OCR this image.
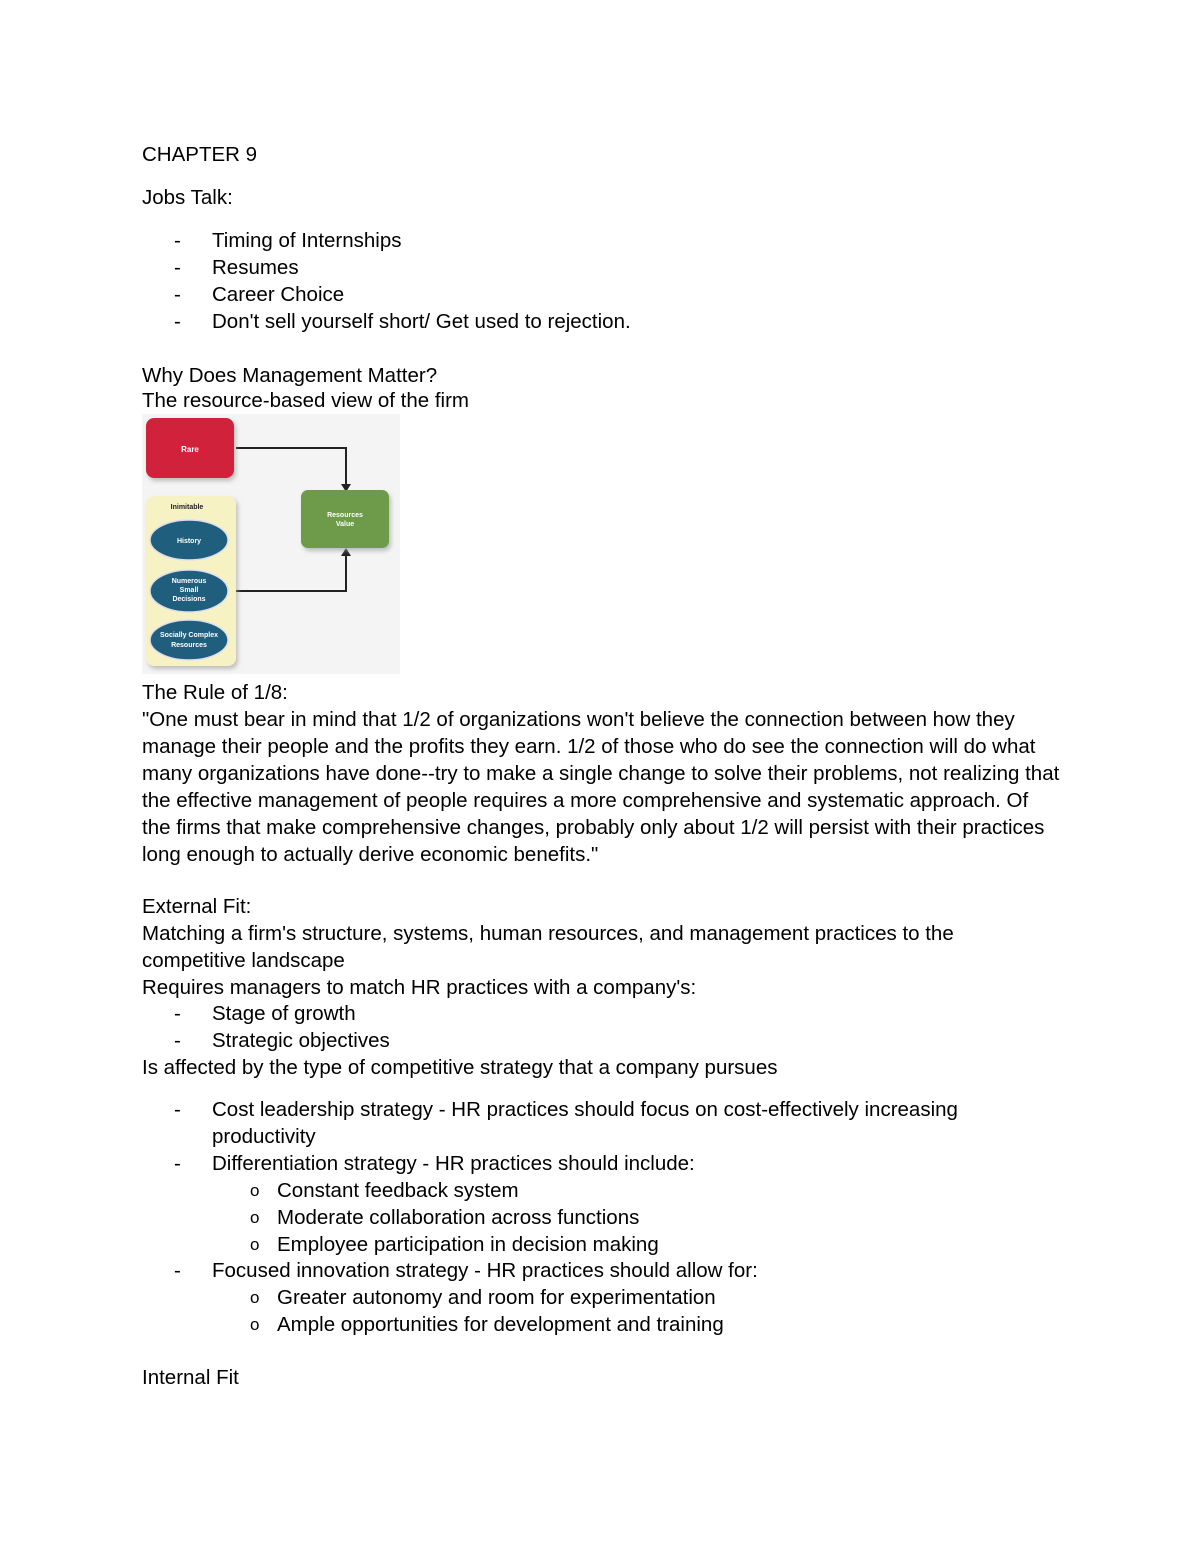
CHAPTER 9
Jobs Talk:
- Timing of Internships
- Resumes
- Career Choice
- Don't sell yourself short/ Get used to rejection.
Why Does Management Matter?
The resource-based view of the firm
Rare
Resources
Value
Inimitable
History
Numerous
Small
Decisions
Socially Complex
Resources
The Rule of 1/8:
"One must bear in mind that 1/2 of organizations won't believe the connection between how they manage their people and the profits they earn. 1/2 of those who do see the connection will do what many organizations have done--try to make a single change to solve their problems, not realizing that the effective management of people requires a more comprehensive and systematic approach. Of the firms that make comprehensive changes, probably only about 1/2 will persist with their practices long enough to actually derive economic benefits."
External Fit:
Matching a firm's structure, systems, human resources, and management practices to the competitive landscape
Requires managers to match HR practices with a company's:
- Stage of growth
- Strategic objectives
Is affected by the type of competitive strategy that a company pursues
- Cost leadership strategy - HR practices should focus on cost-effectively increasing productivity
- Differentiation strategy - HR practices should include:
o Constant feedback system
o Moderate collaboration across functions
o Employee participation in decision making
- Focused innovation strategy - HR practices should allow for:
o Greater autonomy and room for experimentation
o Ample opportunities for development and training
Internal Fit
